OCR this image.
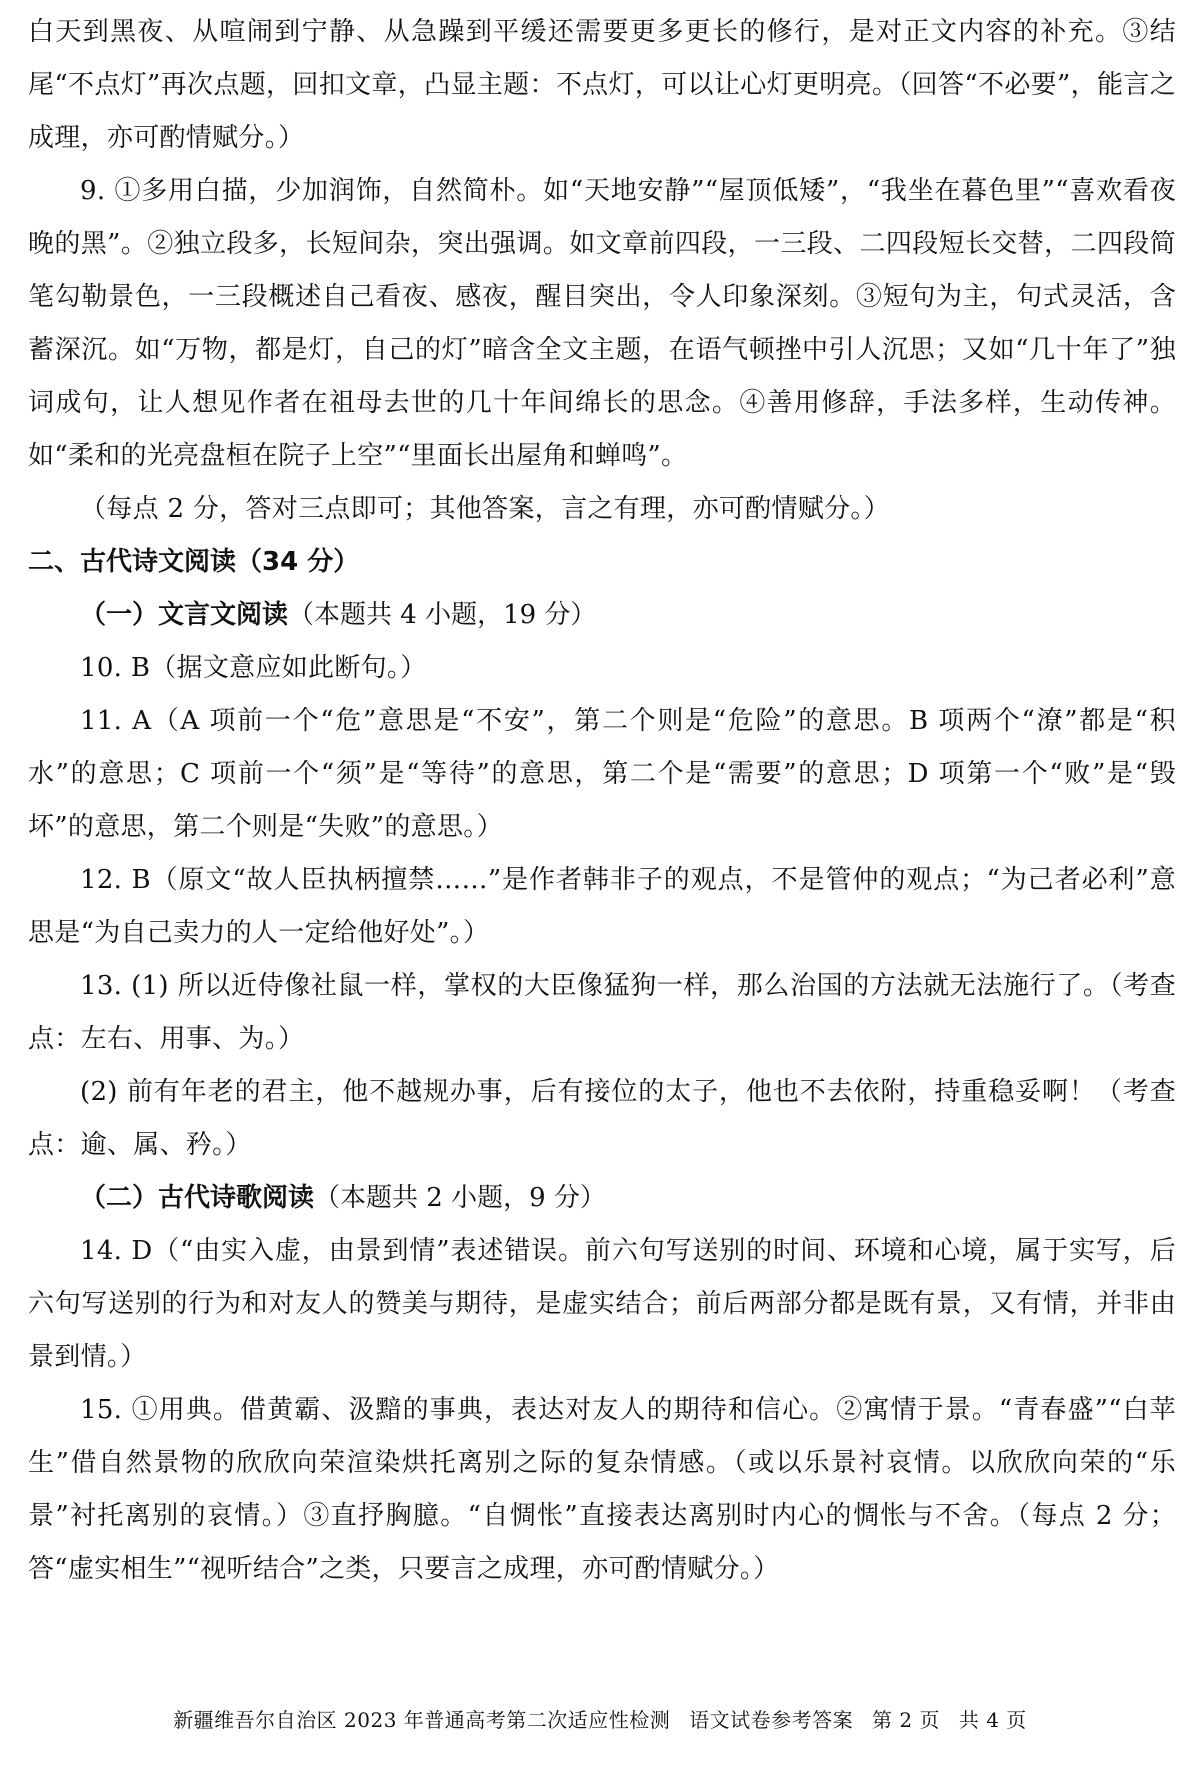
白天到黑夜、从喧闹到宁静、从急躁到平缓还需要更多更长的修行，是对正文内容的补充。③结尾“不点灯”再次点题，回扣文章，凸显主题：不点灯，可以让心灯更明亮。（回答“不必要”，能言之成理，亦可酌情赋分。）

9. ①多用白描，少加润饰，自然简朴。如“天地安静”“屋顶低矮”，“我坐在暮色里”“喜欢看夜晚的黑”。②独立段多，长短间杂，突出强调。如文章前四段，一三段、二四段短长交替，二四段简笔勾勒景色，一三段概述自己看夜、感夜，醒目突出，令人印象深刻。③短句为主，句式灵活，含蓄深沉。如“万物，都是灯，自己的灯”暗含全文主题，在语气顿挫中引人沉思；又如“几十年了”独词成句，让人想见作者在祖母去世的几十年间绵长的思念。④善用修辞，手法多样，生动传神。如“柔和的光亮盘桓在院子上空”“里面长出屋角和蝉鸣”。

（每点 2 分，答对三点即可；其他答案，言之有理，亦可酌情赋分。）

二、古代诗文阅读（34 分）

（一）文言文阅读（本题共 4 小题，19 分）

10. B（据文意应如此断句。）

11. A（A 项前一个“危”意思是“不安”，第二个则是“危险”的意思。B 项两个“潦”都是“积水”的意思；C 项前一个“须”是“等待”的意思，第二个是“需要”的意思；D 项第一个“败”是“毁坏”的意思，第二个则是“失败”的意思。）

12. B（原文“故人臣执柄擅禁……”是作者韩非子的观点，不是管仲的观点；“为己者必利”意思是“为自己卖力的人一定给他好处”。）

13. (1) 所以近侍像社鼠一样，掌权的大臣像猛狗一样，那么治国的方法就无法施行了。（考查点：左右、用事、为。）

(2) 前有年老的君主，他不越规办事，后有接位的太子，他也不去依附，持重稳妥啊！（考查点：逾、属、矜。）

（二）古代诗歌阅读（本题共 2 小题，9 分）

14. D（“由实入虚，由景到情”表述错误。前六句写送别的时间、环境和心境，属于实写，后六句写送别的行为和对友人的赞美与期待，是虚实结合；前后两部分都是既有景，又有情，并非由景到情。）

15. ①用典。借黄霸、汲黯的事典，表达对友人的期待和信心。②寓情于景。“青春盛”“白苹生”借自然景物的欣欣向荣渲染烘托离别之际的复杂情感。（或以乐景衬哀情。以欣欣向荣的“乐景”衬托离别的哀情。）③直抒胸臆。“自惆怅”直接表达离别时内心的惆怅与不舍。（每点 2 分；答“虚实相生”“视听结合”之类，只要言之成理，亦可酌情赋分。）

新疆维吾尔自治区 2023 年普通高考第二次适应性检测 语文试卷参考答案 第 2 页 共 4 页
